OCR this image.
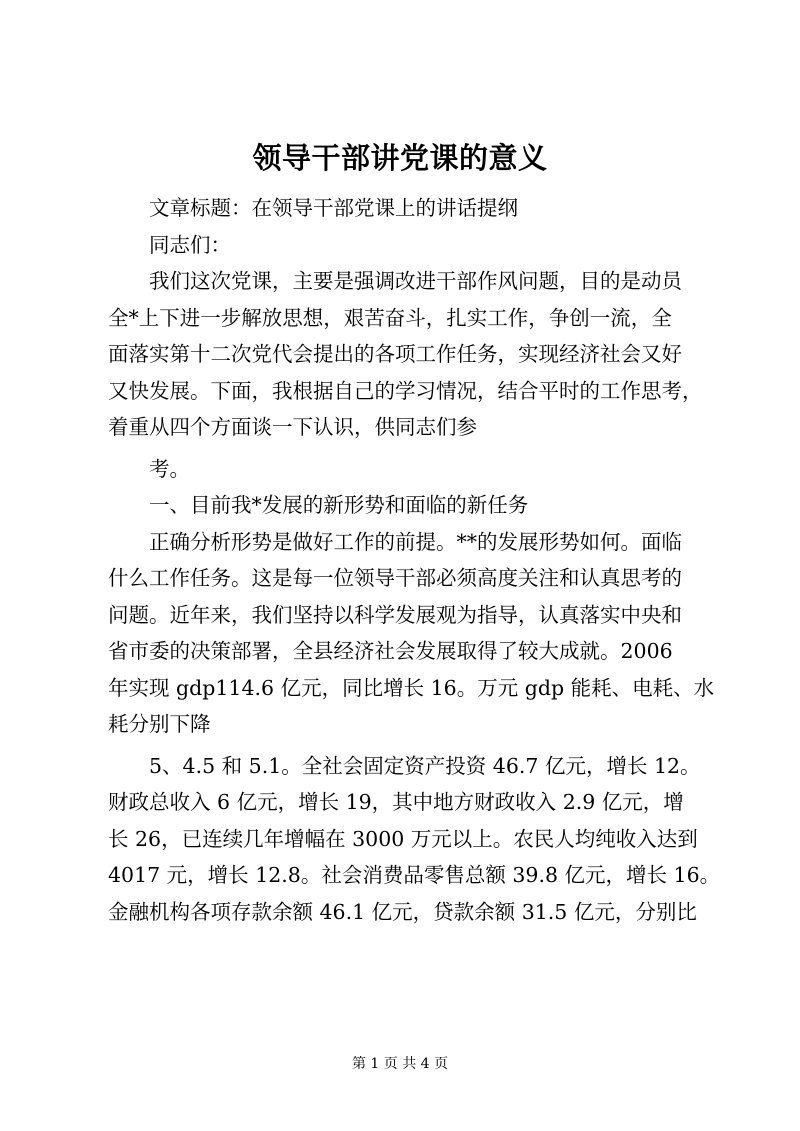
领导干部讲党课的意义
文章标题：在领导干部党课上的讲话提纲
同志们：
我们这次党课，主要是强调改进干部作风问题，目的是动员
全*上下进一步解放思想，艰苦奋斗，扎实工作，争创一流，全
面落实第十二次党代会提出的各项工作任务，实现经济社会又好
又快发展。下面，我根据自己的学习情况，结合平时的工作思考，
着重从四个方面谈一下认识，供同志们参
考。
一、目前我*发展的新形势和面临的新任务
正确分析形势是做好工作的前提。**的发展形势如何。面临
什么工作任务。这是每一位领导干部必须高度关注和认真思考的
问题。近年来，我们坚持以科学发展观为指导，认真落实中央和
省市委的决策部署，全县经济社会发展取得了较大成就。2006
年实现 gdp114.6 亿元，同比增长 16。万元 gdp 能耗、电耗、水
耗分别下降
5、4.5 和 5.1。全社会固定资产投资 46.7 亿元，增长 12。
财政总收入 6 亿元，增长 19，其中地方财政收入 2.9 亿元，增
长 26，已连续几年增幅在 3000 万元以上。农民人均纯收入达到
4017 元，增长 12.8。社会消费品零售总额 39.8 亿元，增长 16。
金融机构各项存款余额 46.1 亿元，贷款余额 31.5 亿元，分别比
第 1 页 共 4 页
